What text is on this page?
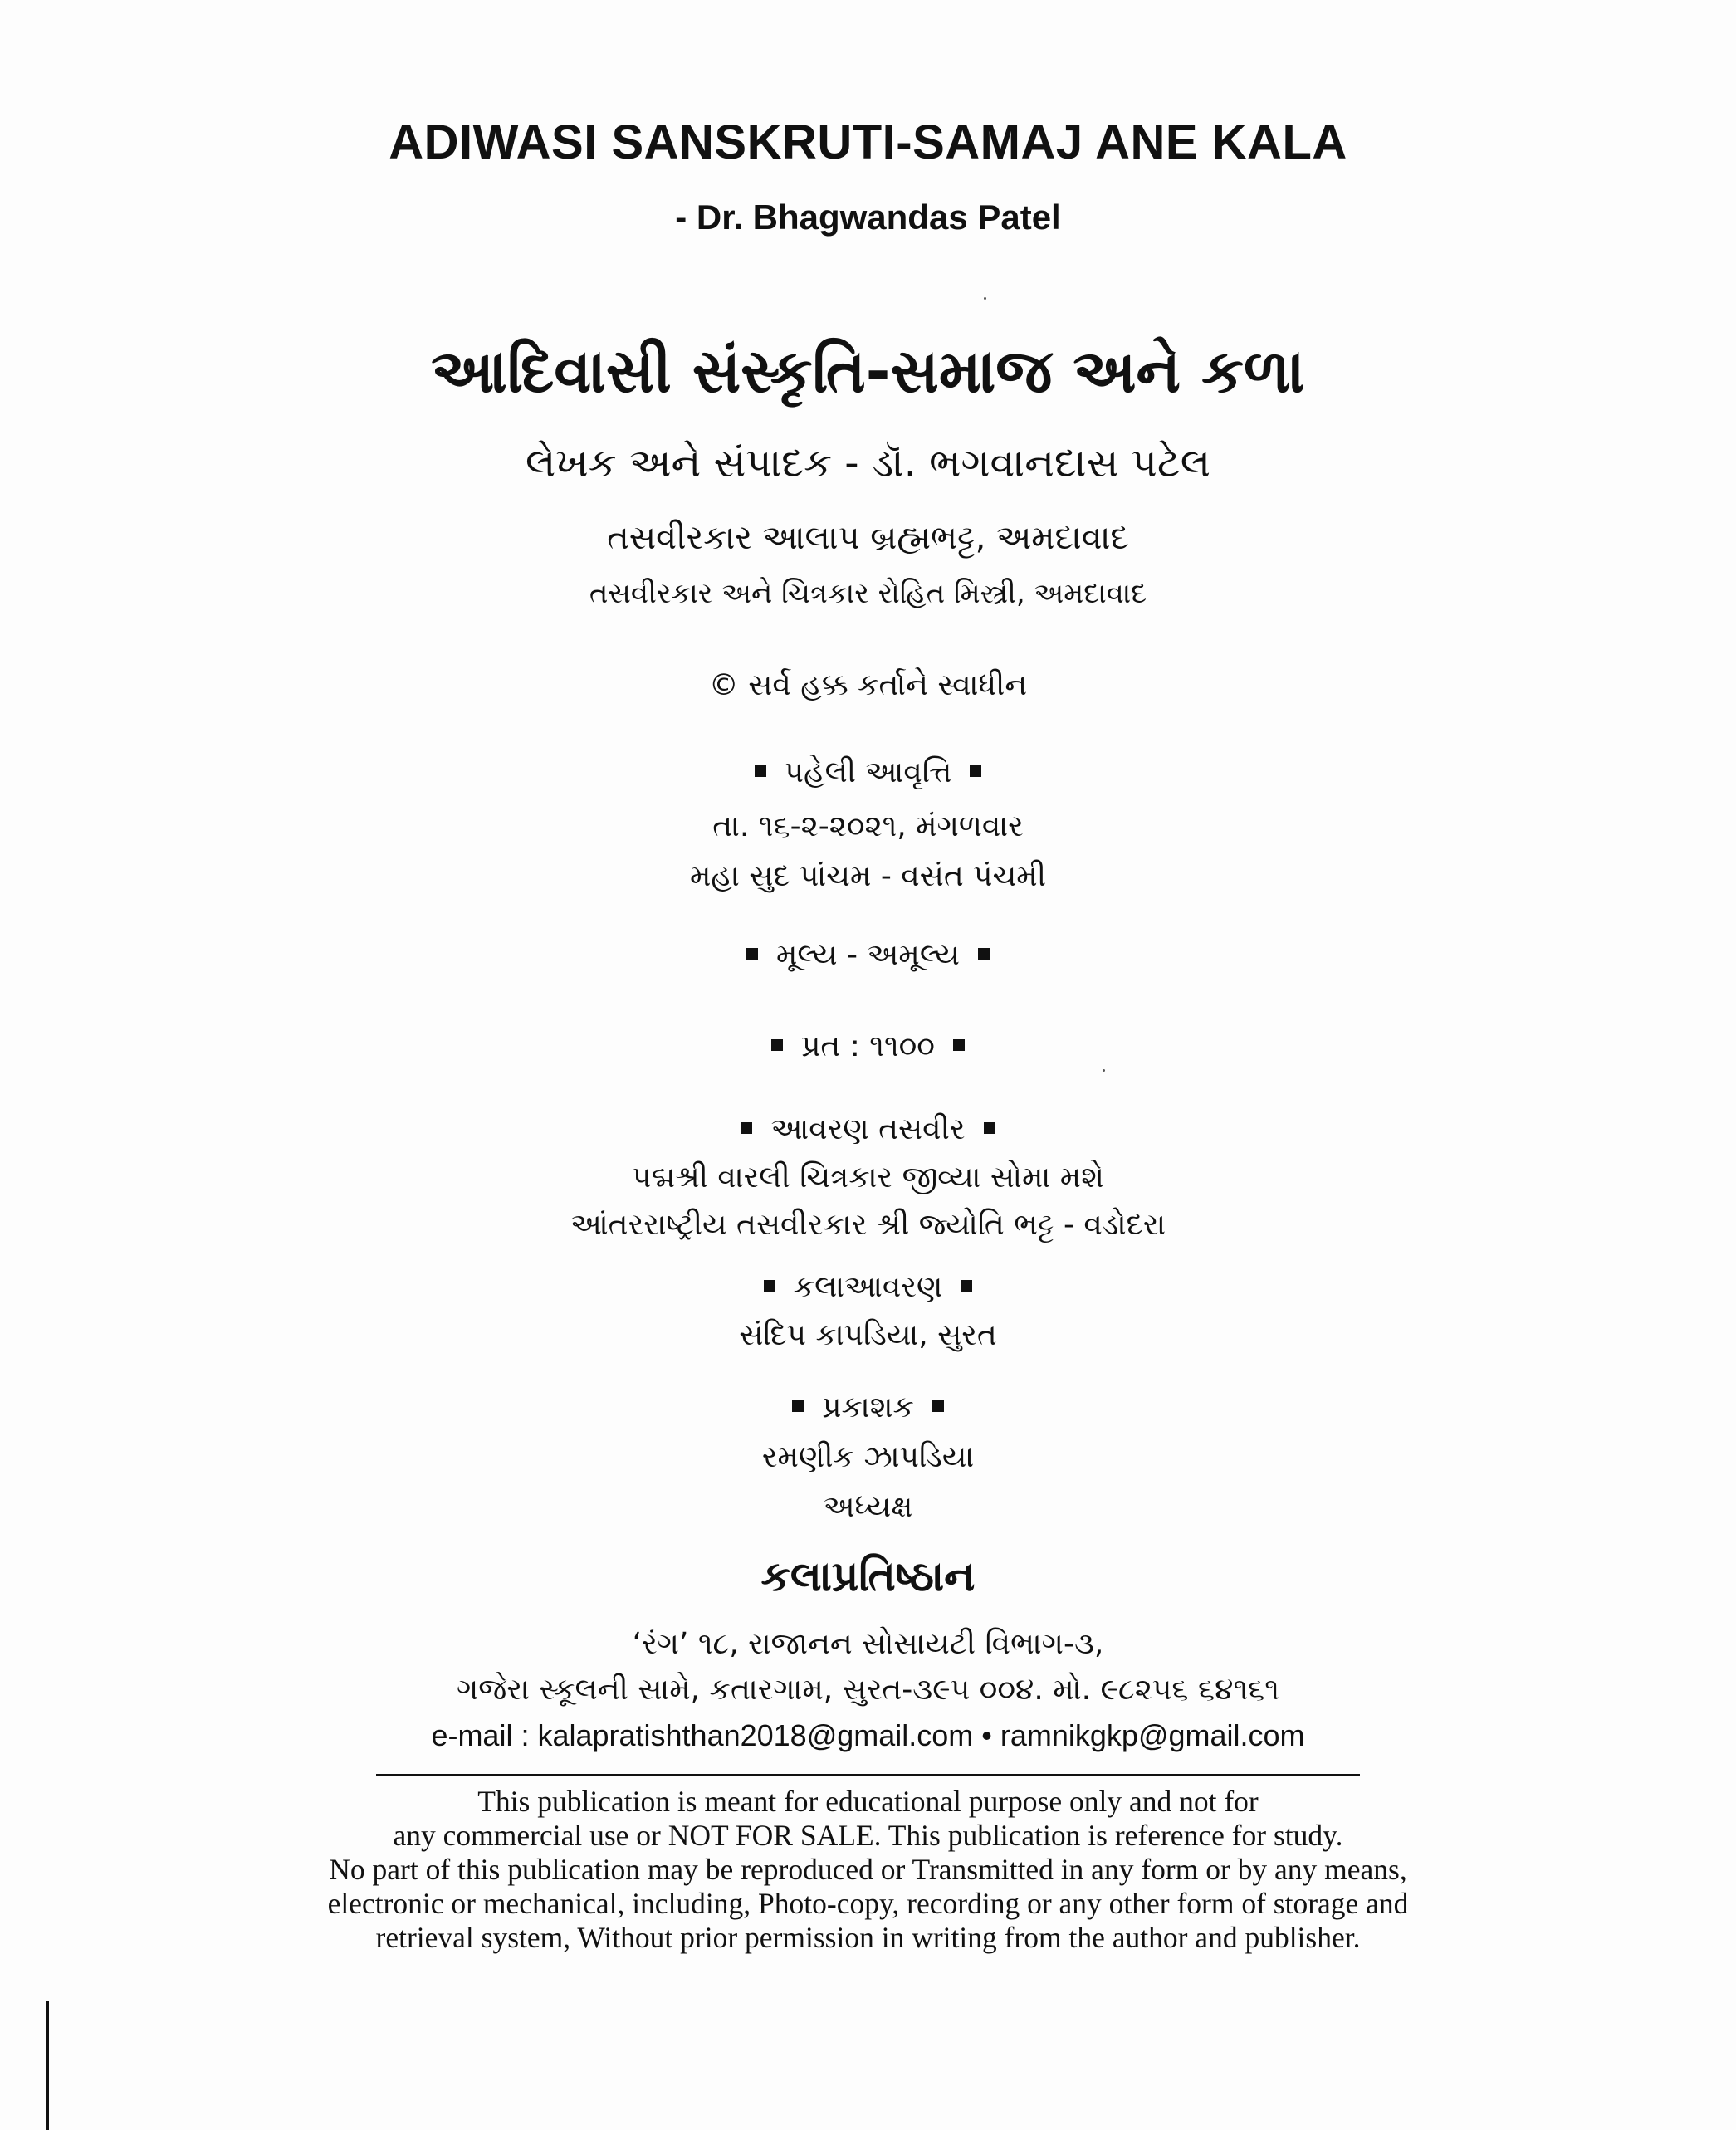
ADIWASI SANSKRUTI-SAMAJ ANE KALA
- Dr. Bhagwandas Patel
આદિવાસી સંસ્કૃતિ-સમાજ અને કળા
લેખક અને સંપાદક - ડૉ. ભગવાનદાસ પટેલ
તસવીરકાર આલાપ બ્રહ્મભટ્ટ, અમદાવાદ
તસવીરકાર અને ચિત્રકાર રોહિત મિસ્ત્રી, અમદાવાદ
© સર્વ હક્ક કર્તાને સ્વાધીન
પહેલી આવૃત્તિ
તા. ૧૬-૨-૨૦૨૧, મંગળવાર
મહા સુદ પાંચમ - વસંત પંચમી
મૂલ્ય - અમૂલ્ય
પ્રત : ૧૧૦૦
આવરણ તસવીર
પદ્મશ્રી વારલી ચિત્રકાર જીવ્યા સોમા મશે
આંતરરાષ્ટ્રીય તસવીરકાર શ્રી જ્યોતિ ભટ્ટ - વડોદરા
કલાઆવરણ
સંદિપ કાપડિયા, સુરત
પ્રકાશક
રમણીક ઝાપડિયા
અધ્યક્ષ
કલાપ્રતિષ્ઠાન
‘રંગ’ ૧૮, રાજાનન સોસાયટી વિભાગ-૩,
ગજેરા સ્કૂલની સામે, કતારગામ, સુરત-૩૯૫ ૦૦૪. મો. ૯૮૨૫૬ ૬૪૧૬૧
e-mail : kalapratishthan2018@gmail.com • ramnikgkp@gmail.com
This publication is meant for educational purpose only and not for
any commercial use or NOT FOR SALE. This publication is reference for study.
No part of this publication may be reproduced or Transmitted in any form or by any means,
electronic or mechanical, including, Photo-copy, recording or any other form of storage and
retrieval system, Without prior permission in writing from the author and publisher.
